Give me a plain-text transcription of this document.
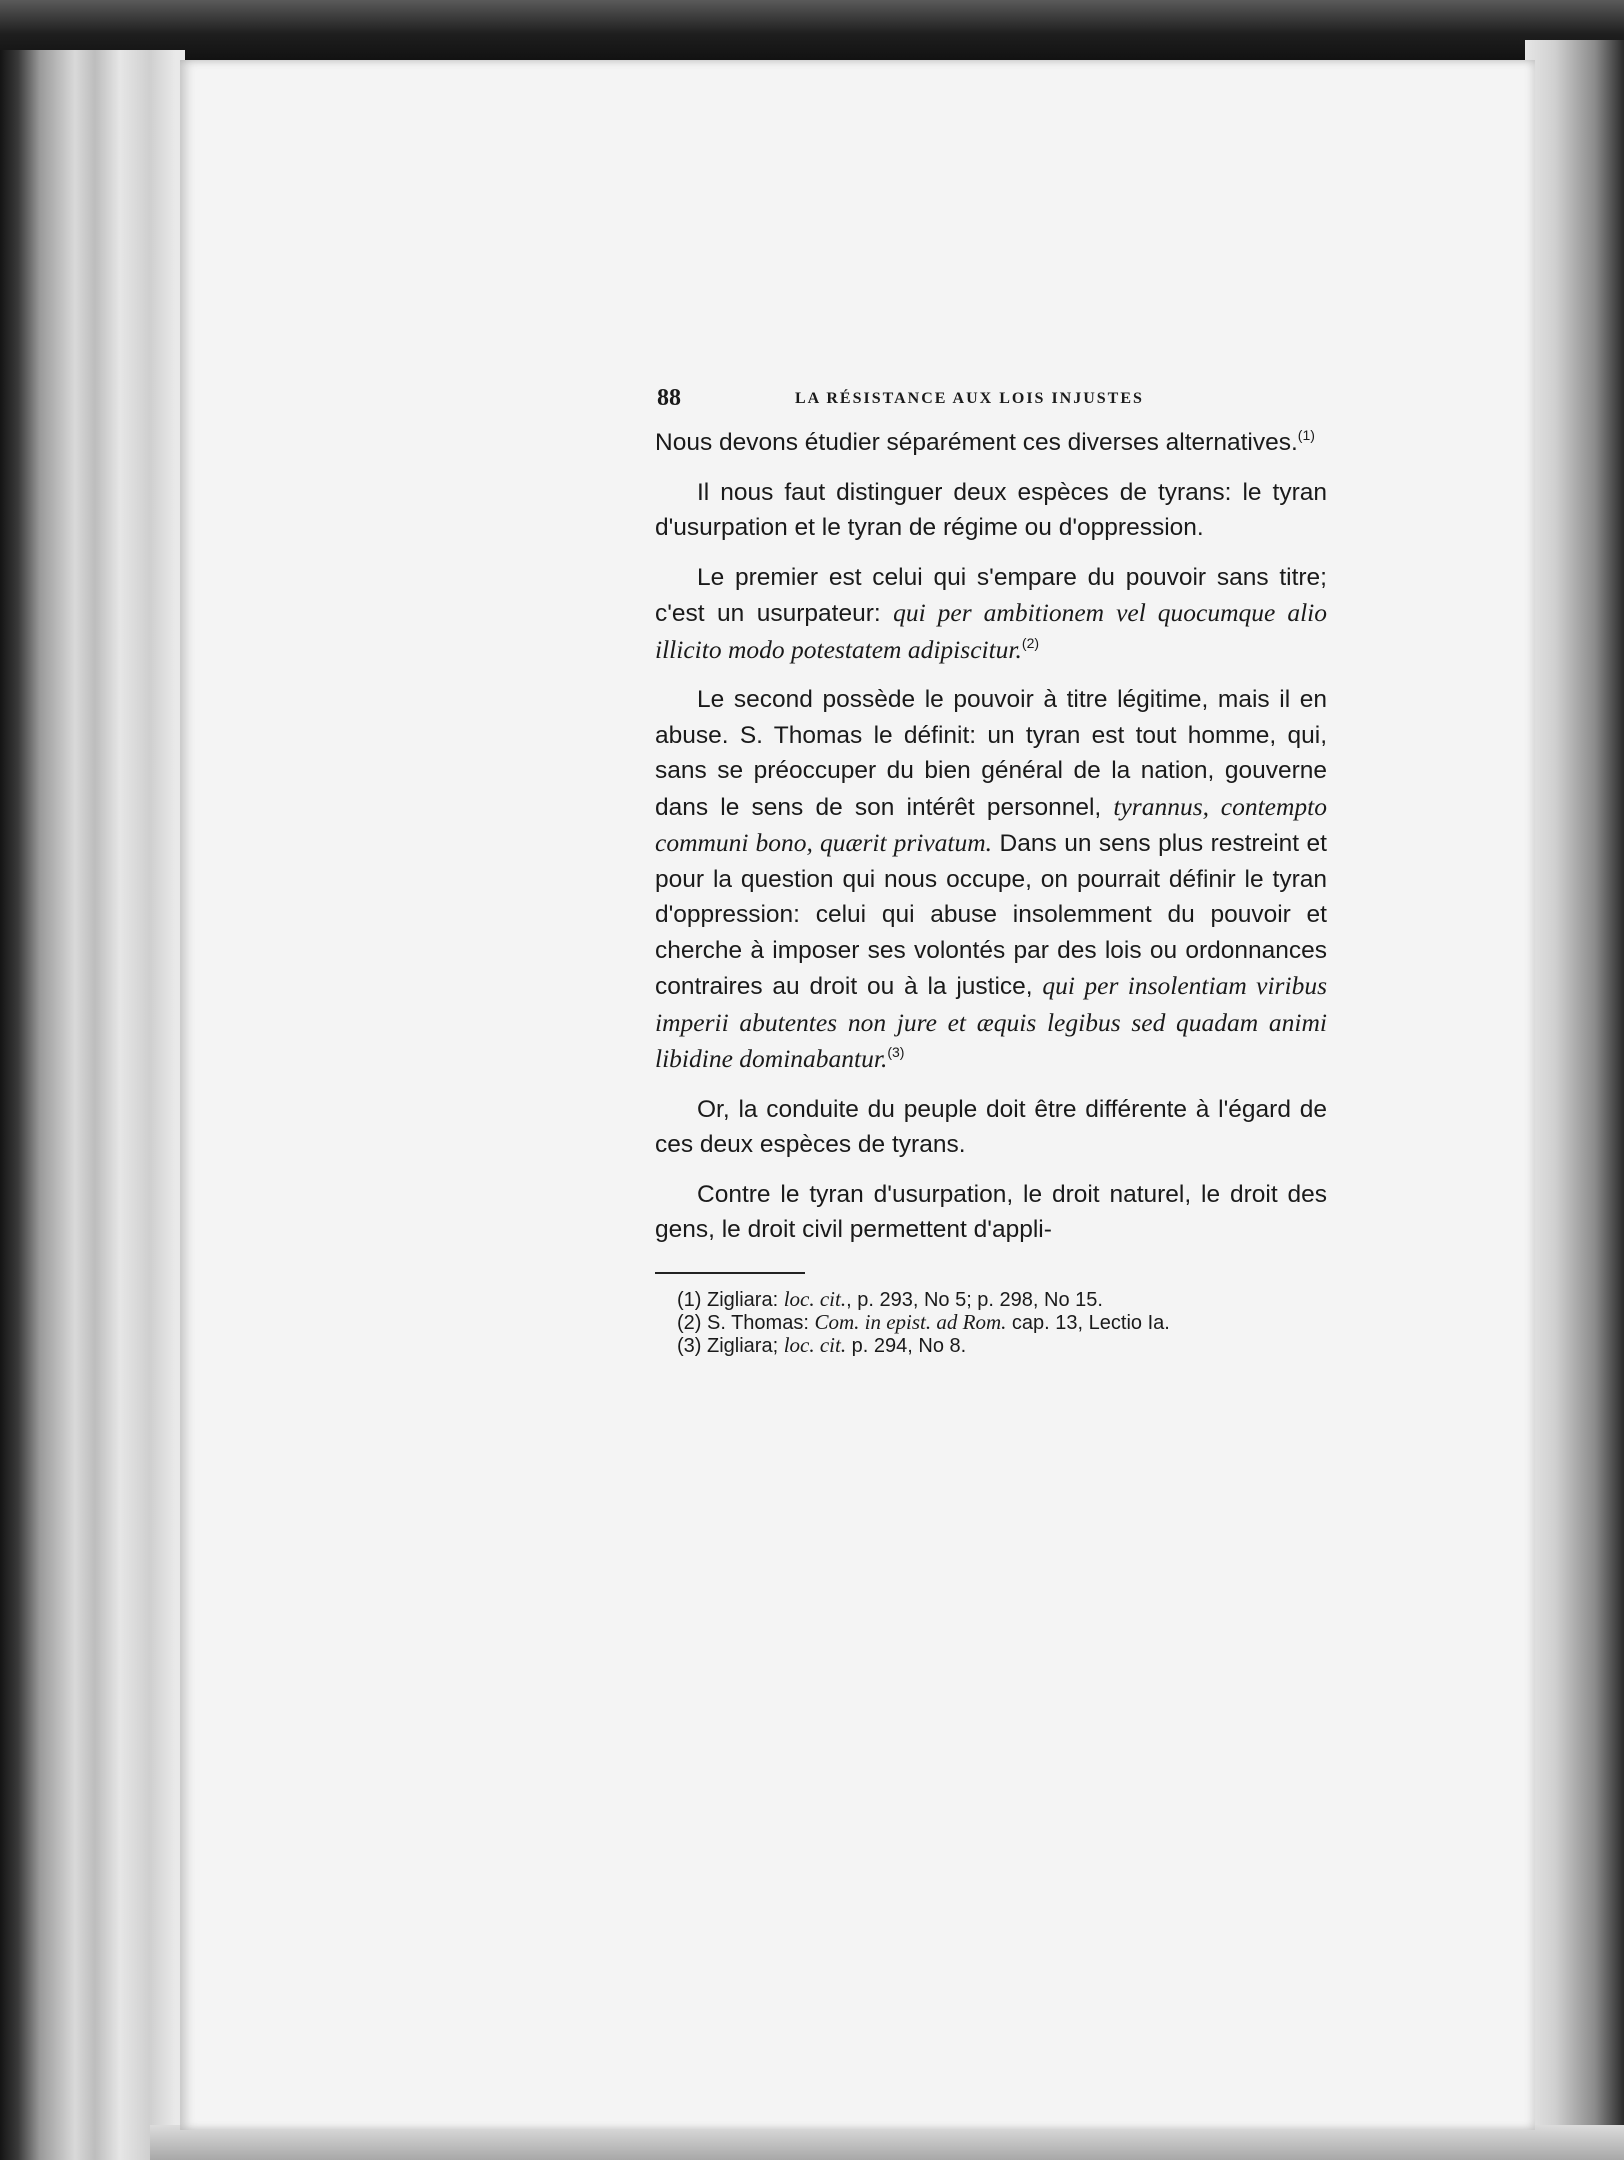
88	LA RÉSISTANCE AUX LOIS INJUSTES

Nous devons étudier séparément ces diverses alternatives.$^{(1)}$

Il nous faut distinguer deux espèces de tyrans: le tyran d'usurpation et le tyran de régime ou d'oppression.

Le premier est celui qui s'empare du pouvoir sans titre; c'est un usurpateur: qui per ambitionem vel quocumque alio illicito modo potestatem adipiscitur.$^{(2)}$

Le second possède le pouvoir à titre légitime, mais il en abuse. S. Thomas le définit: un tyran est tout homme, qui, sans se préoccuper du bien général de la nation, gouverne dans le sens de son intérêt personnel, tyrannus, contempto communi bono, quærit privatum. Dans un sens plus restreint et pour la question qui nous occupe, on pourrait définir le tyran d'oppression: celui qui abuse insolemment du pouvoir et cherche à imposer ses volontés par des lois ou ordonnances contraires au droit ou à la justice, qui per insolentiam viribus imperii abutentes non jure et æquis legibus sed quadam animi libidine dominabantur.$^{(3)}$

Or, la conduite du peuple doit être différente à l'égard de ces deux espèces de tyrans.

Contre le tyran d'usurpation, le droit naturel, le droit des gens, le droit civil permettent d'appli-

(1) Zigliara: loc. cit., p. 293, No 5; p. 298, No 15.

(2) S. Thomas: Com. in epist. ad Rom. cap. 13, Lectio Ia.

(3) Zigliara; loc. cit. p. 294, No 8.
